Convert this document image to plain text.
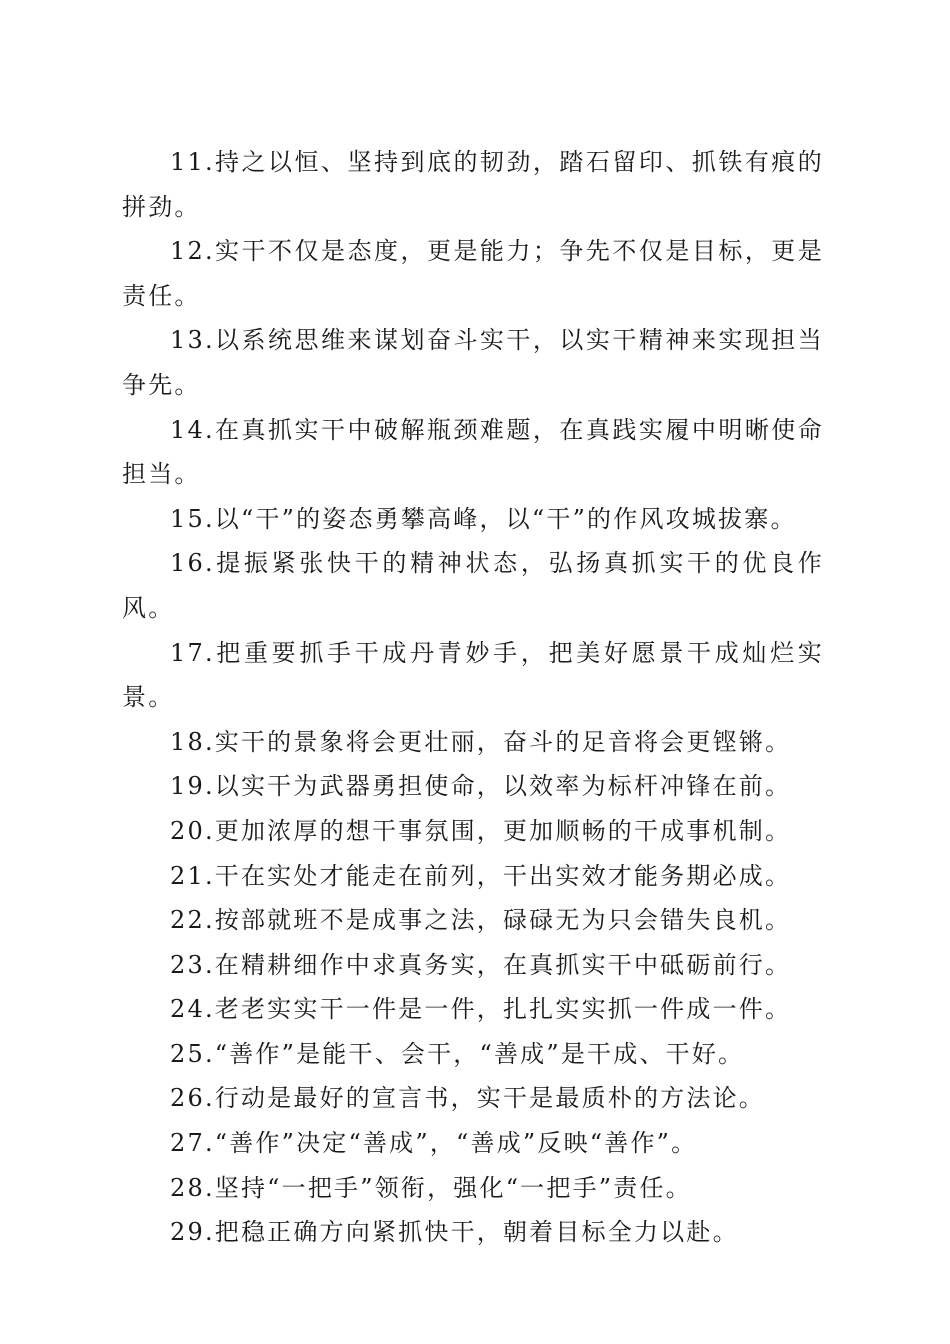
11.持之以恒、坚持到底的韧劲，踏石留印、抓铁有痕的拼劲。

12.实干不仅是态度，更是能力；争先不仅是目标，更是责任。

13.以系统思维来谋划奋斗实干，以实干精神来实现担当争先。

14.在真抓实干中破解瓶颈难题，在真践实履中明晰使命担当。

15.以“干”的姿态勇攀高峰，以“干”的作风攻城拔寨。

16.提振紧张快干的精神状态，弘扬真抓实干的优良作风。

17.把重要抓手干成丹青妙手，把美好愿景干成灿烂实景。

18.实干的景象将会更壮丽，奋斗的足音将会更铿锵。

19.以实干为武器勇担使命，以效率为标杆冲锋在前。

20.更加浓厚的想干事氛围，更加顺畅的干成事机制。

21.干在实处才能走在前列，干出实效才能务期必成。

22.按部就班不是成事之法，碌碌无为只会错失良机。

23.在精耕细作中求真务实，在真抓实干中砥砺前行。

24.老老实实干一件是一件，扎扎实实抓一件成一件。

25.“善作”是能干、会干，“善成”是干成、干好。

26.行动是最好的宣言书，实干是最质朴的方法论。

27.“善作”决定“善成”，“善成”反映“善作”。

28.坚持“一把手”领衔，强化“一把手”责任。

29.把稳正确方向紧抓快干，朝着目标全力以赴。
